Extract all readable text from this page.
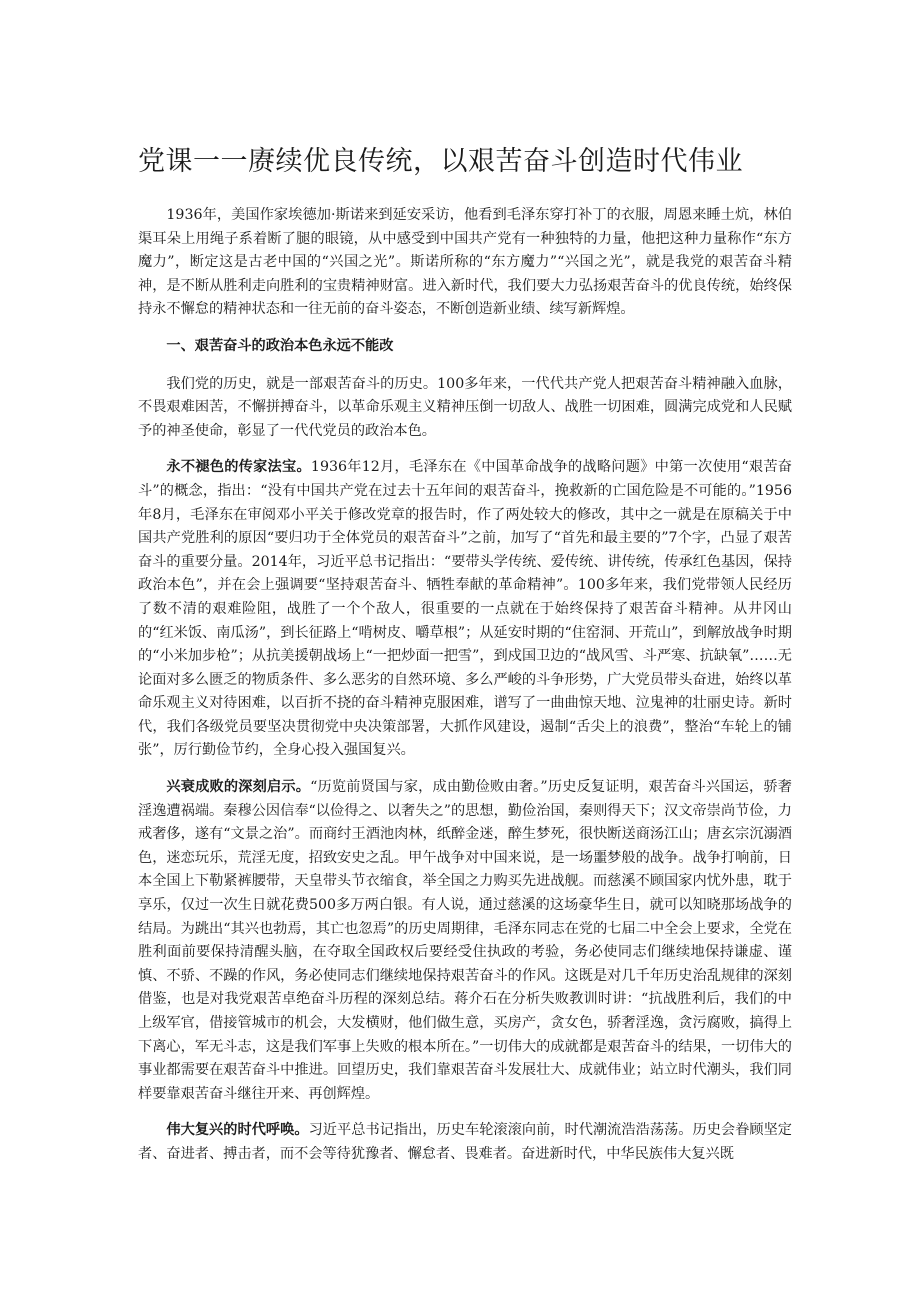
党课一一赓续优良传统，以艰苦奋斗创造时代伟业

1936年，美国作家埃德加·斯诺来到延安采访，他看到毛泽东穿打补丁的衣服，周恩来睡土炕，林伯渠耳朵上用绳子系着断了腿的眼镜，从中感受到中国共产党有一种独特的力量，他把这种力量称作“东方魔力”，断定这是古老中国的“兴国之光”。斯诺所称的“东方魔力”“兴国之光”，就是我党的艰苦奋斗精神，是不断从胜利走向胜利的宝贵精神财富。进入新时代，我们要大力弘扬艰苦奋斗的优良传统，始终保持永不懈怠的精神状态和一往无前的奋斗姿态，不断创造新业绩、续写新辉煌。

一、艰苦奋斗的政治本色永远不能改

我们党的历史，就是一部艰苦奋斗的历史。100多年来，一代代共产党人把艰苦奋斗精神融入血脉，不畏艰难困苦，不懈拼搏奋斗，以革命乐观主义精神压倒一切敌人、战胜一切困难，圆满完成党和人民赋予的神圣使命，彰显了一代代党员的政治本色。

永不褪色的传家法宝。1936年12月，毛泽东在《中国革命战争的战略问题》中第一次使用“艰苦奋斗”的概念，指出：“没有中国共产党在过去十五年间的艰苦奋斗，挽救新的亡国危险是不可能的。”1956年8月，毛泽东在审阅邓小平关于修改党章的报告时，作了两处较大的修改，其中之一就是在原稿关于中国共产党胜利的原因“要归功于全体党员的艰苦奋斗”之前，加写了“首先和最主要的”7个字，凸显了艰苦奋斗的重要分量。2014年，习近平总书记指出：“要带头学传统、爱传统、讲传统，传承红色基因，保持政治本色”，并在会上强调要“坚持艰苦奋斗、牺牲奉献的革命精神”。100多年来，我们党带领人民经历了数不清的艰难险阻，战胜了一个个敌人，很重要的一点就在于始终保持了艰苦奋斗精神。从井冈山的“红米饭、南瓜汤”，到长征路上“啃树皮、嚼草根”；从延安时期的“住窑洞、开荒山”，到解放战争时期的“小米加步枪”；从抗美援朝战场上“一把炒面一把雪”，到戍国卫边的“战风雪、斗严寒、抗缺氧”……无论面对多么匮乏的物质条件、多么恶劣的自然环境、多么严峻的斗争形势，广大党员带头奋进，始终以革命乐观主义对待困难，以百折不挠的奋斗精神克服困难，谱写了一曲曲惊天地、泣鬼神的壮丽史诗。新时代，我们各级党员要坚决贯彻党中央决策部署，大抓作风建设，遏制“舌尖上的浪费”，整治“车轮上的铺张”，厉行勤俭节约，全身心投入强国复兴。

兴衰成败的深刻启示。“历览前贤国与家，成由勤俭败由奢。”历史反复证明，艰苦奋斗兴国运，骄奢淫逸遭祸端。秦穆公因信奉“以俭得之、以奢失之”的思想，勤俭治国，秦则得天下；汉文帝崇尚节俭，力戒奢侈，遂有“文景之治”。而商纣王酒池肉林，纸醉金迷，醉生梦死，很快断送商汤江山；唐玄宗沉溺酒色，迷恋玩乐，荒淫无度，招致安史之乱。甲午战争对中国来说，是一场噩梦般的战争。战争打响前，日本全国上下勒紧裤腰带，天皇带头节衣缩食，举全国之力购买先进战舰。而慈溪不顾国家内忧外患，耽于享乐，仅过一次生日就花费500多万两白银。有人说，通过慈溪的这场豪华生日，就可以知晓那场战争的结局。为跳出“其兴也勃焉，其亡也忽焉”的历史周期律，毛泽东同志在党的七届二中全会上要求，全党在胜利面前要保持清醒头脑，在夺取全国政权后要经受住执政的考验，务必使同志们继续地保持谦虚、谨慎、不骄、不躁的作风，务必使同志们继续地保持艰苦奋斗的作风。这既是对几千年历史治乱规律的深刻借鉴，也是对我党艰苦卓绝奋斗历程的深刻总结。蒋介石在分析失败教训时讲：“抗战胜利后，我们的中上级军官，借接管城市的机会，大发横财，他们做生意，买房产，贪女色，骄奢淫逸，贪污腐败，搞得上下离心，军无斗志，这是我们军事上失败的根本所在。”一切伟大的成就都是艰苦奋斗的结果，一切伟大的事业都需要在艰苦奋斗中推进。回望历史，我们靠艰苦奋斗发展壮大、成就伟业；站立时代潮头，我们同样要靠艰苦奋斗继往开来、再创辉煌。

伟大复兴的时代呼唤。习近平总书记指出，历史车轮滚滚向前，时代潮流浩浩荡荡。历史会眷顾坚定者、奋进者、搏击者，而不会等待犹豫者、懈怠者、畏难者。奋进新时代，中华民族伟大复兴既
